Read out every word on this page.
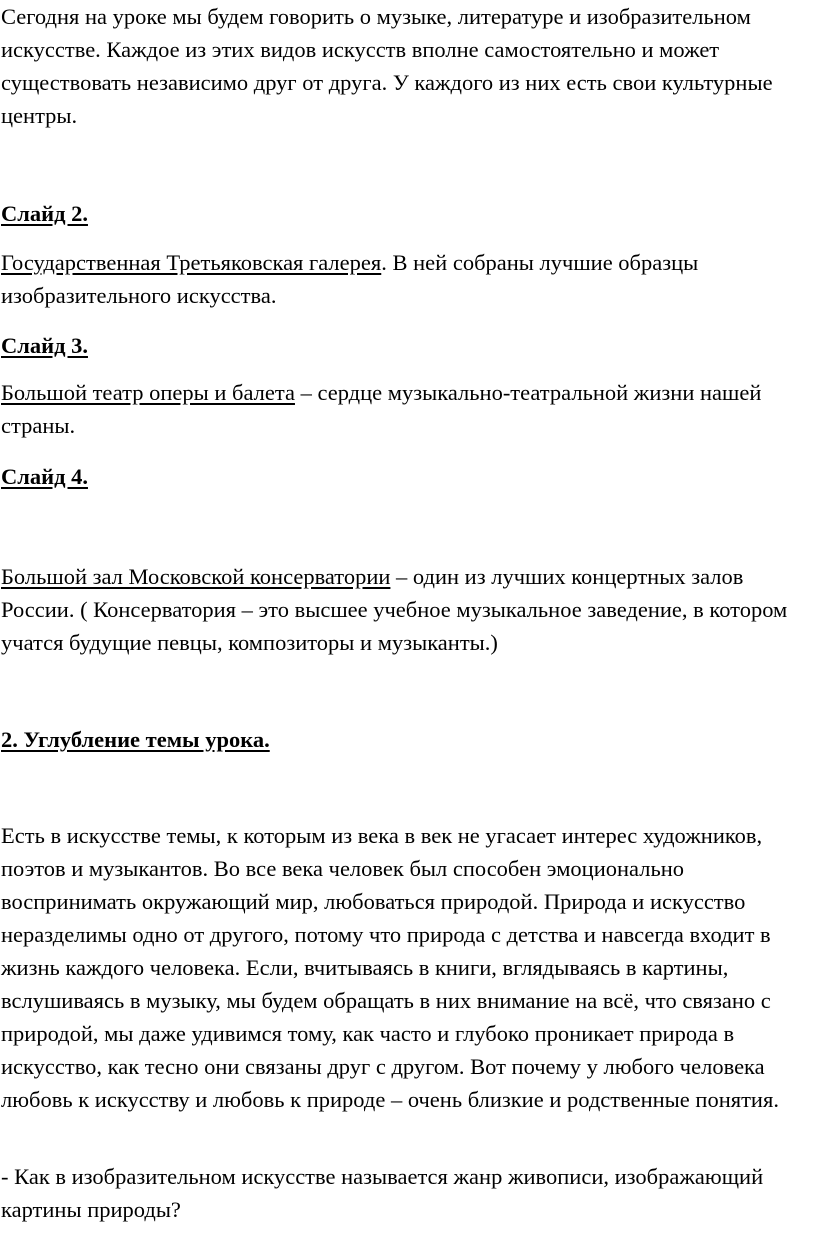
Сегодня на уроке мы будем говорить о музыке, литературе и изобразительном искусстве. Каждое из этих видов искусств вполне самостоятельно и может существовать независимо друг от друга. У каждого из них есть свои культурные центры.

Слайд 2.

Государственная Третьяковская галерея. В ней собраны лучшие образцы изобразительного искусства.

Слайд 3.

Большой театр оперы и балета – сердце музыкально-театральной жизни нашей страны.

Слайд 4.

Большой зал Московской консерватории – один из лучших концертных залов России. ( Консерватория – это высшее учебное музыкальное заведение, в котором учатся будущие певцы, композиторы и музыканты.)

2. Углубление темы урока.

Есть в искусстве темы, к которым из века в век не угасает интерес художников, поэтов и музыкантов. Во все века человек был способен эмоционально воспринимать окружающий мир, любоваться природой. Природа и искусство неразделимы одно от другого, потому что природа с детства и навсегда входит в жизнь каждого человека. Если, вчитываясь в книги, вглядываясь в картины, вслушиваясь в музыку, мы будем обращать в них внимание на всё, что связано с природой, мы даже удивимся тому, как часто и глубоко проникает природа в искусство, как тесно они связаны друг с другом. Вот почему у любого человека любовь к искусству и любовь к природе – очень близкие и родственные понятия.

- Как в изобразительном искусстве называется жанр живописи, изображающий картины природы?
